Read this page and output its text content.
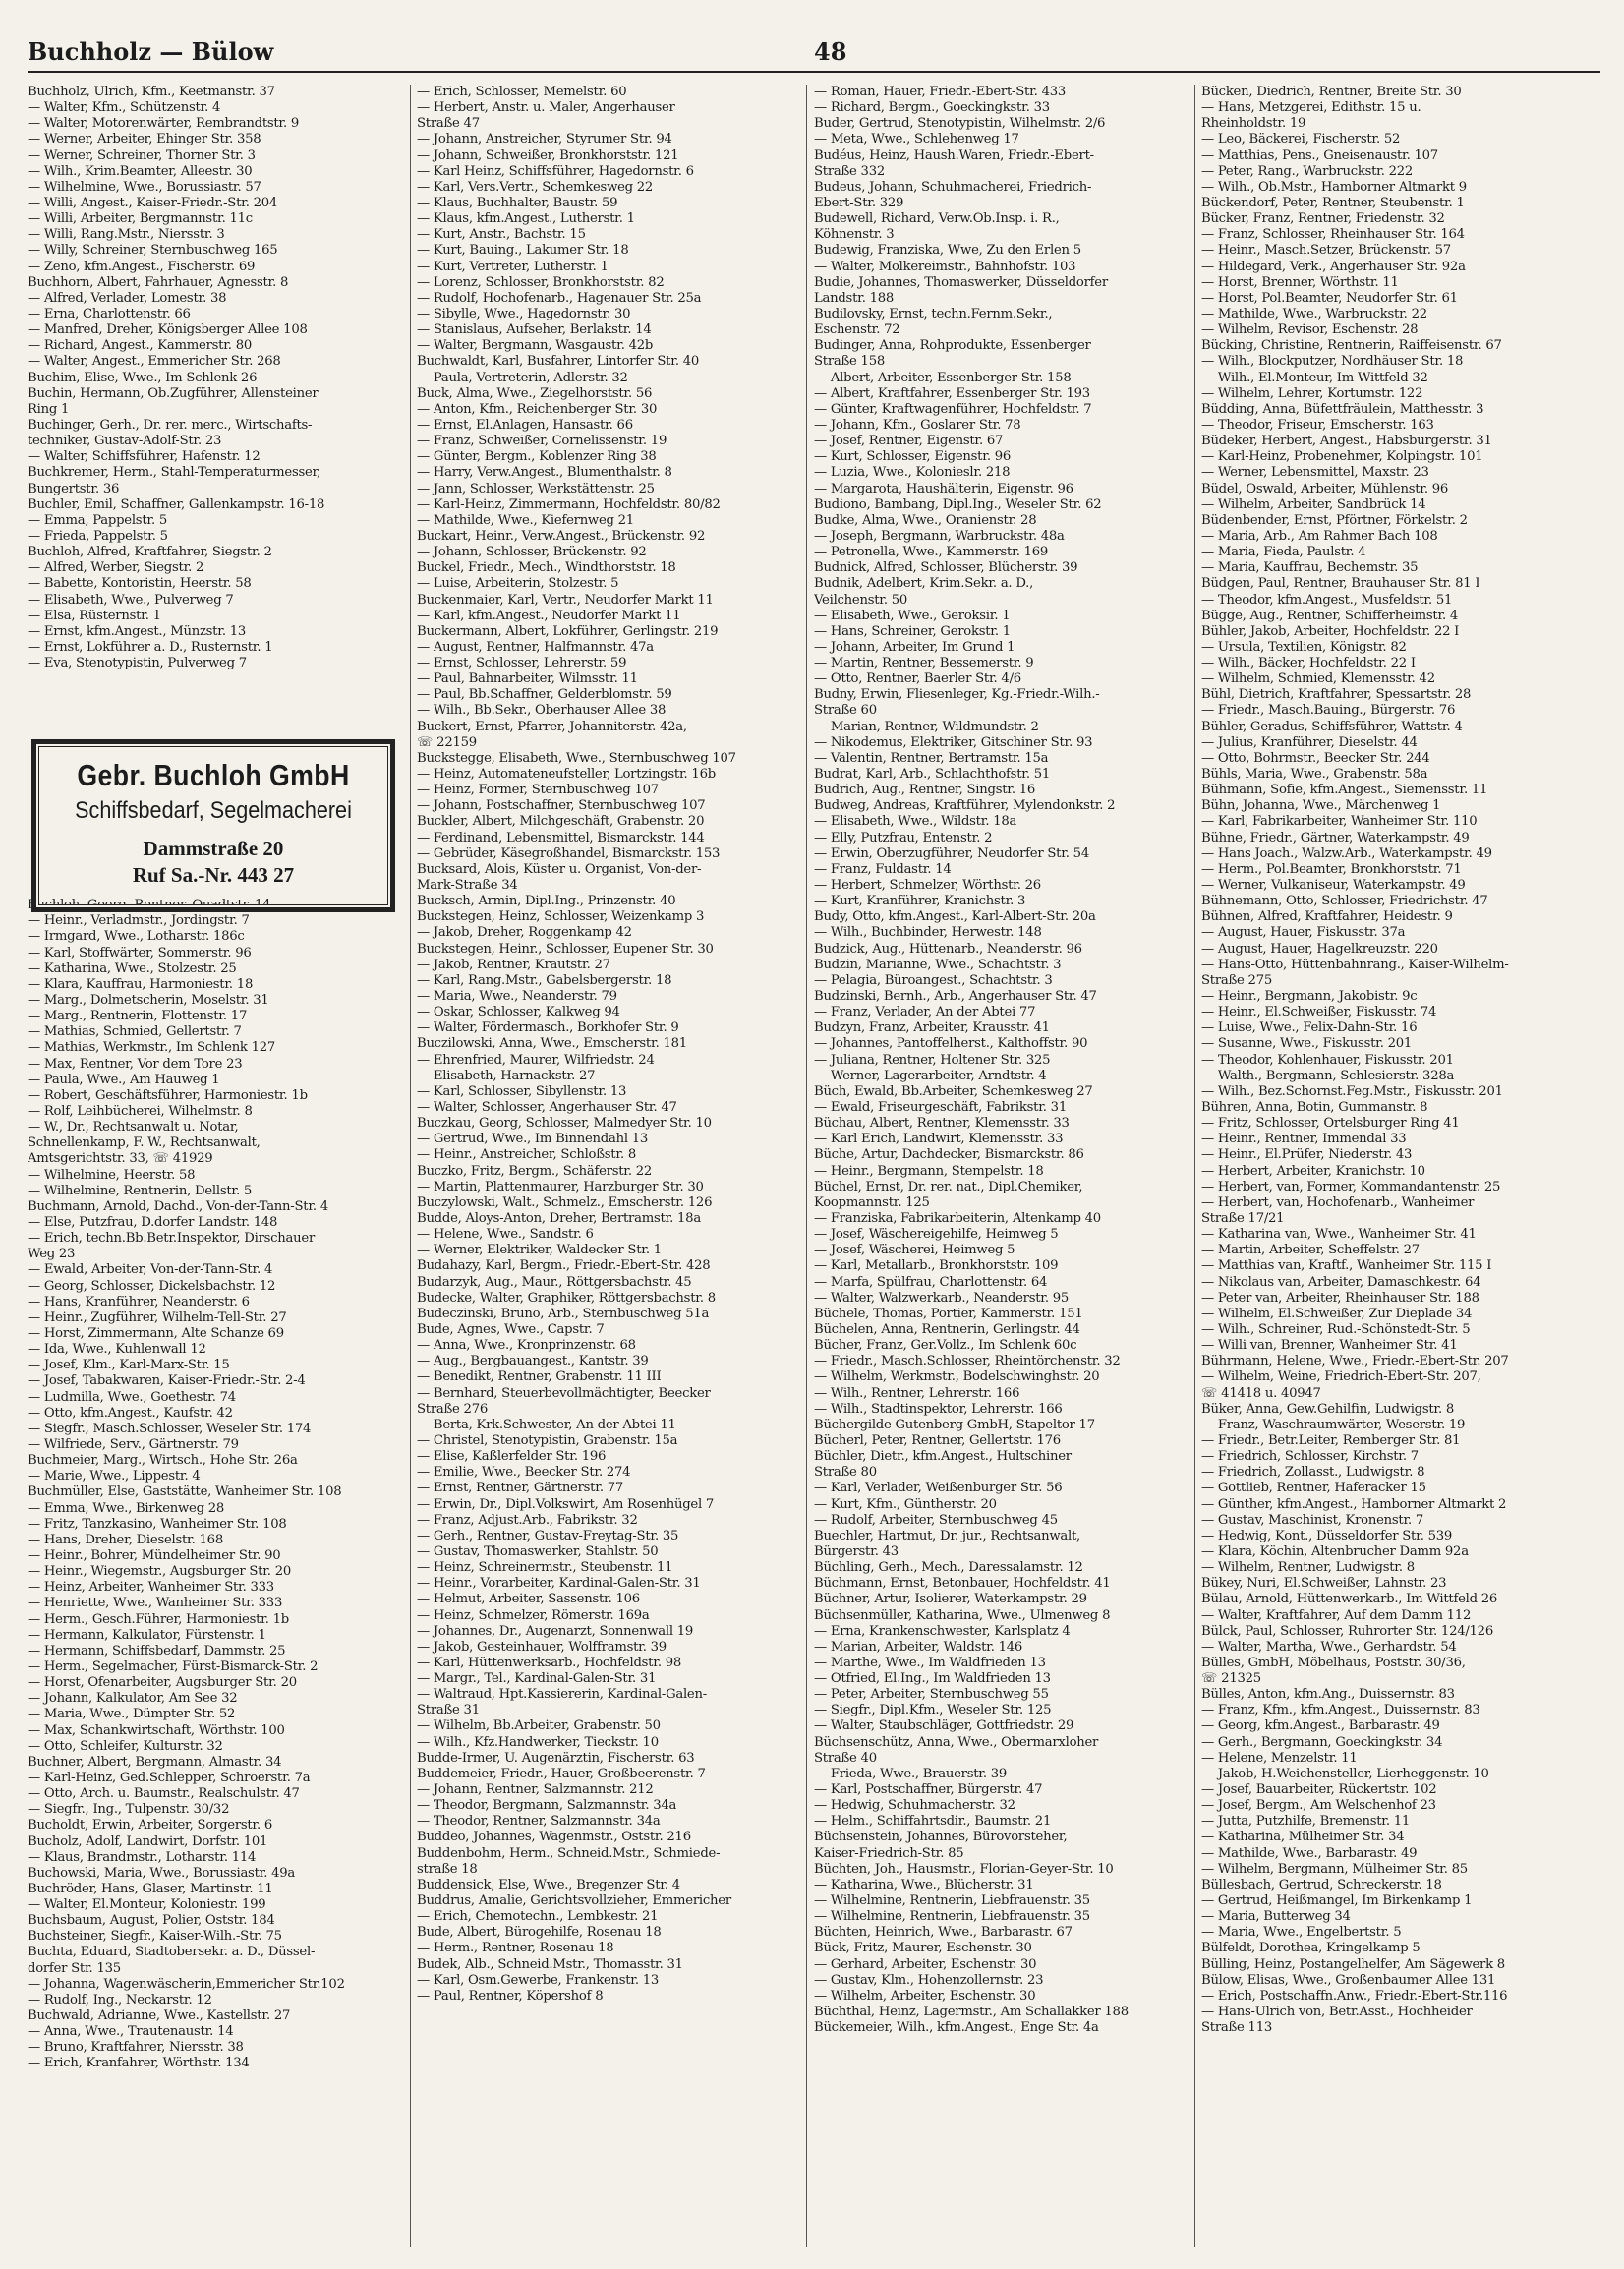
Buchholz — Bülow	48
Buchholz, Ulrich, Kfm., Keetmanstr. 37
— Walter, Kfm., Schützenstr. 4
— Walter, Motorenwärter, Rembrandtstr. 9
— Werner, Arbeiter, Ehinger Str. 358
— Werner, Schreiner, Thorner Str. 3
— Wilh., Krim.Beamter, Alleestr. 30
— Wilhelmine, Wwe., Borussiastr. 57
— Willi, Angest., Kaiser-Friedr.-Str. 204
— Willi, Arbeiter, Bergmannstr. 11c
— Willi, Rang.Mstr., Niersstr. 3
— Willy, Schreiner, Sternbuschweg 165
— Zeno, kfm.Angest., Fischerstr. 69
Buchhorn, Albert, Fahrhauer, Agnesstr. 8
— Alfred, Verlader, Lomestr. 38
— Erna, Charlottenstr. 66
— Manfred, Dreher, Königsberger Allee 108
— Richard, Angest., Kammerstr. 80
— Walter, Angest., Emmericher Str. 268
Buchim, Elise, Wwe., Im Schlenk 26
Buchin, Hermann, Ob.Zugführer, Allensteiner
Ring 1
Buchinger, Gerh., Dr. rer. merc., Wirtschafts-
techniker, Gustav-Adolf-Str. 23
— Walter, Schiffsführer, Hafenstr. 12
Buchkremer, Herm., Stahl-Temperaturmesser,
Bungertstr. 36
Buchler, Emil, Schaffner, Gallenkampstr. 16-18
— Emma, Pappelstr. 5
— Frieda, Pappelstr. 5
Buchloh, Alfred, Kraftfahrer, Siegstr. 2
— Alfred, Werber, Siegstr. 2
— Babette, Kontoristin, Heerstr. 58
— Elisabeth, Wwe., Pulverweg 7
— Elsa, Rüsternstr. 1
— Ernst, kfm.Angest., Münzstr. 13
— Ernst, Lokführer a. D., Rusternstr. 1
— Eva, Stenotypistin, Pulverweg 7
Buchloh, Georg, Rentner, Quadtstr. 14
— Heinr., Verladmstr., Jordingstr. 7
— Irmgard, Wwe., Lotharstr. 186c
— Karl, Stoffwärter, Sommerstr. 96
— Katharina, Wwe., Stolzestr. 25
— Klara, Kauffrau, Harmoniestr. 18
— Marg., Dolmetscherin, Moselstr. 31
— Marg., Rentnerin, Flottenstr. 17
— Mathias, Schmied, Gellertstr. 7
— Mathias, Werkmstr., Im Schlenk 127
— Max, Rentner, Vor dem Tore 23
— Paula, Wwe., Am Hauweg 1
— Robert, Geschäftsführer, Harmoniestr. 1b
— Rolf, Leihbücherei, Wilhelmstr. 8
— W., Dr., Rechtsanwalt u. Notar,
Schnellenkamp, F. W., Rechtsanwalt,
Amtsgerichtstr. 33, ☏ 41929
— Wilhelmine, Heerstr. 58
— Wilhelmine, Rentnerin, Dellstr. 5
Buchmann, Arnold, Dachd., Von-der-Tann-Str. 4
— Else, Putzfrau, D.dorfer Landstr. 148
— Erich, techn.Bb.Betr.Inspektor, Dirschauer
Weg 23
— Ewald, Arbeiter, Von-der-Tann-Str. 4
— Georg, Schlosser, Dickelsbachstr. 12
— Hans, Kranführer, Neanderstr. 6
— Heinr., Zugführer, Wilhelm-Tell-Str. 27
— Horst, Zimmermann, Alte Schanze 69
— Ida, Wwe., Kuhlenwall 12
— Josef, Klm., Karl-Marx-Str. 15
— Josef, Tabakwaren, Kaiser-Friedr.-Str. 2-4
— Ludmilla, Wwe., Goethestr. 74
— Otto, kfm.Angest., Kaufstr. 42
— Siegfr., Masch.Schlosser, Weseler Str. 174
— Wilfriede, Serv., Gärtnerstr. 79
Buchmeier, Marg., Wirtsch., Hohe Str. 26a
— Marie, Wwe., Lippestr. 4
Buchmüller, Else, Gaststätte, Wanheimer Str. 108
— Emma, Wwe., Birkenweg 28
— Fritz, Tanzkasino, Wanheimer Str. 108
— Hans, Dreher, Dieselstr. 168
— Heinr., Bohrer, Mündelheimer Str. 90
— Heinr., Wiegemstr., Augsburger Str. 20
— Heinz, Arbeiter, Wanheimer Str. 333
— Henriette, Wwe., Wanheimer Str. 333
— Herm., Gesch.Führer, Harmoniestr. 1b
— Hermann, Kalkulator, Fürstenstr. 1
— Hermann, Schiffsbedarf, Dammstr. 25
— Herm., Segelmacher, Fürst-Bismarck-Str. 2
— Horst, Ofenarbeiter, Augsburger Str. 20
— Johann, Kalkulator, Am See 32
— Maria, Wwe., Dümpter Str. 52
— Max, Schankwirtschaft, Wörthstr. 100
— Otto, Schleifer, Kulturstr. 32
Buchner, Albert, Bergmann, Almastr. 34
— Karl-Heinz, Ged.Schlepper, Schroerstr. 7a
— Otto, Arch. u. Baumstr., Realschulstr. 47
— Siegfr., Ing., Tulpenstr. 30/32
Bucholdt, Erwin, Arbeiter, Sorgerstr. 6
Bucholz, Adolf, Landwirt, Dorfstr. 101
— Klaus, Brandmstr., Lotharstr. 114
Buchowski, Maria, Wwe., Borussiastr. 49a
Buchröder, Hans, Glaser, Martinstr. 11
— Walter, El.Monteur, Koloniestr. 199
Buchsbaum, August, Polier, Oststr. 184
Buchsteiner, Siegfr., Kaiser-Wilh.-Str. 75
Buchta, Eduard, Stadtobersekr. a. D., Düssel-
dorfer Str. 135
— Johanna, Wagenwäscherin,Emmericher Str.102
— Rudolf, Ing., Neckarstr. 12
Buchwald, Adrianne, Wwe., Kastellstr. 27
— Anna, Wwe., Trautenaustr. 14
— Bruno, Kraftfahrer, Niersstr. 38
— Erich, Kranfahrer, Wörthstr. 134
Gebr. Buchloh GmbH
Schiffsbedarf, Segelmacherei
Dammstraße 20
Ruf Sa.-Nr. 443 27
— Erich, Schlosser, Memelstr. 60
— Herbert, Anstr. u. Maler, Angerhauser
Straße 47
— Johann, Anstreicher, Styrumer Str. 94
— Johann, Schweißer, Bronkhorststr. 121
— Karl Heinz, Schiffsführer, Hagedornstr. 6
— Karl, Vers.Vertr., Schemkesweg 22
— Klaus, Buchhalter, Baustr. 59
— Klaus, kfm.Angest., Lutherstr. 1
— Kurt, Anstr., Bachstr. 15
— Kurt, Bauing., Lakumer Str. 18
— Kurt, Vertreter, Lutherstr. 1
— Lorenz, Schlosser, Bronkhorststr. 82
— Rudolf, Hochofenarb., Hagenauer Str. 25a
— Sibylle, Wwe., Hagedornstr. 30
— Stanislaus, Aufseher, Berlakstr. 14
— Walter, Bergmann, Wasgaustr. 42b
Buchwaldt, Karl, Busfahrer, Lintorfer Str. 40
— Paula, Vertreterin, Adlerstr. 32
Buck, Alma, Wwe., Ziegelhorststr. 56
— Anton, Kfm., Reichenberger Str. 30
— Ernst, El.Anlagen, Hansastr. 66
— Franz, Schweißer, Cornelissenstr. 19
— Günter, Bergm., Koblenzer Ring 38
— Harry, Verw.Angest., Blumenthalstr. 8
— Jann, Schlosser, Werkstättenstr. 25
— Karl-Heinz, Zimmermann, Hochfeldstr. 80/82
— Mathilde, Wwe., Kiefernweg 21
Buckart, Heinr., Verw.Angest., Brückenstr. 92
— Johann, Schlosser, Brückenstr. 92
Buckel, Friedr., Mech., Windthorststr. 18
— Luise, Arbeiterin, Stolzestr. 5
Buckenmaier, Karl, Vertr., Neudorfer Markt 11
— Karl, kfm.Angest., Neudorfer Markt 11
Buckermann, Albert, Lokführer, Gerlingstr. 219
— August, Rentner, Halfmannstr. 47a
— Ernst, Schlosser, Lehrerstr. 59
— Paul, Bahnarbeiter, Wilmsstr. 11
— Paul, Bb.Schaffner, Gelderblomstr. 59
— Wilh., Bb.Sekr., Oberhauser Allee 38
Buckert, Ernst, Pfarrer, Johanniterstr. 42a,
☏ 22159
Buckstegge, Elisabeth, Wwe., Sternbuschweg 107
— Heinz, Automateneufsteller, Lortzingstr. 16b
— Heinz, Former, Sternbuschweg 107
— Johann, Postschaffner, Sternbuschweg 107
Buckler, Albert, Milchgeschäft, Grabenstr. 20
— Ferdinand, Lebensmittel, Bismarckstr. 144
— Gebrüder, Käsegroßhandel, Bismarckstr. 153
Bucksard, Alois, Küster u. Organist, Von-der-
Mark-Straße 34
Bucksch, Armin, Dipl.Ing., Prinzenstr. 40
Buckstegen, Heinz, Schlosser, Weizenkamp 3
— Jakob, Dreher, Roggenkamp 42
Buckstegen, Heinr., Schlosser, Eupener Str. 30
— Jakob, Rentner, Krautstr. 27
— Karl, Rang.Mstr., Gabelsbergerstr. 18
— Maria, Wwe., Neanderstr. 79
— Oskar, Schlosser, Kalkweg 94
— Walter, Fördermasch., Borkhofer Str. 9
Buczilowski, Anna, Wwe., Emscherstr. 181
— Ehrenfried, Maurer, Wilfriedstr. 24
— Elisabeth, Harnackstr. 27
— Karl, Schlosser, Sibyllenstr. 13
— Walter, Schlosser, Angerhauser Str. 47
Buczkau, Georg, Schlosser, Malmedyer Str. 10
— Gertrud, Wwe., Im Binnendahl 13
— Heinr., Anstreicher, Schloßstr. 8
Buczko, Fritz, Bergm., Schäferstr. 22
— Martin, Plattenmaurer, Harzburger Str. 30
Buczylowski, Walt., Schmelz., Emscherstr. 126
Budde, Aloys-Anton, Dreher, Bertramstr. 18a
— Helene, Wwe., Sandstr. 6
— Werner, Elektriker, Waldecker Str. 1
Budahazy, Karl, Bergm., Friedr.-Ebert-Str. 428
Budarzyk, Aug., Maur., Röttgersbachstr. 45
Budecke, Walter, Graphiker, Röttgersbachstr. 8
Budeczinski, Bruno, Arb., Sternbuschweg 51a
Bude, Agnes, Wwe., Capstr. 7
— Anna, Wwe., Kronprinzenstr. 68
— Aug., Bergbauangest., Kantstr. 39
— Benedikt, Rentner, Grabenstr. 11 III
— Bernhard, Steuerbevollmächtigter, Beecker
Straße 276
— Berta, Krk.Schwester, An der Abtei 11
— Christel, Stenotypistin, Grabenstr. 15a
— Elise, Kaßlerfelder Str. 196
— Emilie, Wwe., Beecker Str. 274
— Ernst, Rentner, Gärtnerstr. 77
— Erwin, Dr., Dipl.Volkswirt, Am Rosenhügel 7
— Franz, Adjust.Arb., Fabrikstr. 32
— Gerh., Rentner, Gustav-Freytag-Str. 35
— Gustav, Thomaswerker, Stahlstr. 50
— Heinz, Schreinermstr., Steubenstr. 11
— Heinr., Vorarbeiter, Kardinal-Galen-Str. 31
— Helmut, Arbeiter, Sassenstr. 106
— Heinz, Schmelzer, Römerstr. 169a
— Johannes, Dr., Augenarzt, Sonnenwall 19
— Jakob, Gesteinhauer, Wolfframstr. 39
— Karl, Hüttenwerksarb., Hochfeldstr. 98
— Margr., Tel., Kardinal-Galen-Str. 31
— Waltraud, Hpt.Kassiererin, Kardinal-Galen-
Straße 31
— Wilhelm, Bb.Arbeiter, Grabenstr. 50
— Wilh., Kfz.Handwerker, Tieckstr. 10
Budde-Irmer, U. Augenärztin, Fischerstr. 63
Buddemeier, Friedr., Hauer, Großbeerenstr. 7
— Johann, Rentner, Salzmannstr. 212
— Theodor, Bergmann, Salzmannstr. 34a
— Theodor, Rentner, Salzmannstr. 34a
Buddeo, Johannes, Wagenmstr., Oststr. 216
Buddenbohm, Herm., Schneid.Mstr., Schmiede-
straße 18
Buddensick, Else, Wwe., Bregenzer Str. 4
Buddrus, Amalie, Gerichtsvollzieher, Emmericher
— Erich, Chemotechn., Lembkestr. 21
Bude, Albert, Bürogehilfe, Rosenau 18
— Herm., Rentner, Rosenau 18
Budek, Alb., Schneid.Mstr., Thomasstr. 31
— Karl, Osm.Gewerbe, Frankenstr. 13
— Paul, Rentner, Köpershof 8
— Roman, Hauer, Friedr.-Ebert-Str. 433
— Richard, Bergm., Goeckingkstr. 33
Buder, Gertrud, Stenotypistin, Wilhelmstr. 2/6
— Meta, Wwe., Schlehenweg 17
Budéus, Heinz, Haush.Waren, Friedr.-Ebert-
Straße 332
Budeus, Johann, Schuhmacherei, Friedrich-
Ebert-Str. 329
Budewell, Richard, Verw.Ob.Insp. i. R.,
Köhnenstr. 3
Budewig, Franziska, Wwe, Zu den Erlen 5
— Walter, Molkereimstr., Bahnhofstr. 103
Budie, Johannes, Thomaswerker, Düsseldorfer
Landstr. 188
Budilovsky, Ernst, techn.Fernm.Sekr.,
Eschenstr. 72
Budinger, Anna, Rohproduktе, Essenberger
Straße 158
— Albert, Arbeiter, Essenberger Str. 158
— Albert, Kraftfahrer, Essenberger Str. 193
— Günter, Kraftwagenführer, Hochfeldstr. 7
— Johann, Kfm., Goslarer Str. 78
— Josef, Rentner, Eigenstr. 67
— Kurt, Schlosser, Eigenstr. 96
— Luzia, Wwe., Kolonieslr. 218
— Margarota, Haushälterin, Eigenstr. 96
Budiono, Bambang, Dipl.Ing., Weseler Str. 62
Budke, Alma, Wwe., Oranienstr. 28
— Joseph, Bergmann, Warbruckstr. 48a
— Petronella, Wwe., Kammerstr. 169
Budnick, Alfred, Schlosser, Blücherstr. 39
Budnik, Adelbert, Krim.Sekr. a. D.,
Veilchenstr. 50
— Elisabeth, Wwe., Geroksir. 1
— Hans, Schreiner, Gerokstr. 1
— Johann, Arbeiter, Im Grund 1
— Martin, Rentner, Bessemerstr. 9
— Otto, Rentner, Baerler Str. 4/6
Budny, Erwin, Fliesenleger, Kg.-Friedr.-Wilh.-
Straße 60
— Marian, Rentner, Wildmundstr. 2
— Nikodemus, Elektriker, Gitschiner Str. 93
— Valentin, Rentner, Bertramstr. 15a
Budrat, Karl, Arb., Schlachthofstr. 51
Budrich, Aug., Rentner, Singstr. 16
Budweg, Andreas, Kraftführer, Mylendonkstr. 2
— Elisabeth, Wwe., Wildstr. 18a
— Elly, Putzfrau, Entenstr. 2
— Erwin, Oberzugführer, Neudorfer Str. 54
— Franz, Fuldastr. 14
— Herbert, Schmelzer, Wörthstr. 26
— Kurt, Kranführer, Kranichstr. 3
Budy, Otto, kfm.Angest., Karl-Albert-Str. 20a
— Wilh., Buchbinder, Herwestr. 148
Budzick, Aug., Hüttenarb., Neanderstr. 96
Budzin, Marianne, Wwe., Schachtstr. 3
— Pelagia, Bürоangest., Schachtstr. 3
Budzinski, Bernh., Arb., Angerhauser Str. 47
— Franz, Verlader, An der Abtei 77
Budzyn, Franz, Arbeiter, Krausstr. 41
— Johannes, Pantoffelherst., Kalthoffstr. 90
— Juliana, Rentner, Holtener Str. 325
— Werner, Lagerarbeiter, Arndtstr. 4
Büch, Ewald, Bb.Arbeiter, Schemkesweg 27
— Ewald, Friseurgeschäft, Fabrikstr. 31
Büchau, Albert, Rentner, Klemensstr. 33
— Karl Erich, Landwirt, Klemensstr. 33
Büche, Artur, Dachdecker, Bismarckstr. 86
— Heinr., Bergmann, Stempelstr. 18
Büchel, Ernst, Dr. rer. nat., Dipl.Chemiker,
Koopmannstr. 125
— Franziska, Fabrikarbeiterin, Altenkamp 40
— Josef, Wäschereigehilfe, Heimweg 5
— Josef, Wäscherei, Heimweg 5
— Karl, Metallarb., Bronkhorststr. 109
— Marfa, Spülfrau, Charlottenstr. 64
— Walter, Walzwerkarb., Neanderstr. 95
Büchele, Thomas, Portier, Kammerstr. 151
Büchelen, Anna, Rentnerin, Gerlingstr. 44
Bücher, Franz, Ger.Vollz., Im Schlenk 60c
— Friedr., Masch.Schlosser, Rheintörchenstr. 32
— Wilhelm, Werkmstr., Bodelschwinghstr. 20
— Wilh., Rentner, Lehrerstr. 166
— Wilh., Stadtinspektor, Lehrerstr. 166
Büchergilde Gutenberg GmbH, Stapeltor 17
Bücherl, Peter, Rentner, Gellertstr. 176
Büchler, Dietr., kfm.Angest., Hultschiner
Straße 80
— Karl, Verlader, Weißenburger Str. 56
— Kurt, Kfm., Güntherstr. 20
— Rudolf, Arbeiter, Sternbuschweg 45
Buechler, Hartmut, Dr. jur., Rechtsanwalt,
Bürgerstr. 43
Büchling, Gerh., Mech., Daressalamstr. 12
Büchmann, Ernst, Betonbauer, Hochfeldstr. 41
Büchner, Artur, Isolierer, Waterkampstr. 29
Büchsenmüller, Katharina, Wwe., Ulmenweg 8
— Erna, Krankenschwester, Karlsplatz 4
— Marian, Arbeiter, Waldstr. 146
— Marthe, Wwe., Im Waldfrieden 13
— Otfried, El.Ing., Im Waldfrieden 13
— Peter, Arbeiter, Sternbuschweg 55
— Siegfr., Dipl.Kfm., Weseler Str. 125
— Walter, Staubschläger, Gottfriedstr. 29
Büchsenschütz, Anna, Wwe., Obermarxloher
Straße 40
— Frieda, Wwe., Brauerstr. 39
— Karl, Postschaffner, Bürgerstr. 47
— Hedwig, Schuhmacherstr. 32
— Helm., Schiffahrtsdir., Baumstr. 21
Büchsenstein, Johannes, Bürovorsteher,
Kaiser-Friedrich-Str. 85
Büchten, Joh., Hausmstr., Florian-Geyer-Str. 10
— Katharina, Wwe., Blücherstr. 31
— Wilhelmine, Rentnerin, Liebfrauenstr. 35
— Wilhelmine, Rentnerin, Liebfrauenstr. 35
Büchten, Heinrich, Wwe., Barbarastr. 67
Bück, Fritz, Maurer, Eschenstr. 30
— Gerhard, Arbeiter, Eschenstr. 30
— Gustav, Klm., Hohenzollernstr. 23
— Wilhelm, Arbeiter, Eschenstr. 30
Büchthal, Heinz, Lagermstr., Am Schallakker 188
Bückemeier, Wilh., kfm.Angest., Enge Str. 4a
Bücken, Diedrich, Rentner, Breite Str. 30
— Hans, Metzgerei, Edithstr. 15 u.
Rheinholdstr. 19
— Leo, Bäckerei, Fischerstr. 52
— Matthias, Pens., Gneisenaustr. 107
— Peter, Rang., Warbruckstr. 222
— Wilh., Ob.Mstr., Hamborner Altmarkt 9
Bückendorf, Peter, Rentner, Steubenstr. 1
Bücker, Franz, Rentner, Friedenstr. 32
— Franz, Schlosser, Rheinhauser Str. 164
— Heinr., Masch.Setzer, Brückenstr. 57
— Hildegard, Verk., Angerhauser Str. 92a
— Horst, Brenner, Wörthstr. 11
— Horst, Pol.Beamter, Neudorfer Str. 61
— Mathilde, Wwe., Warbruckstr. 22
— Wilhelm, Revisor, Eschenstr. 28
Bücking, Christine, Rentnerin, Raiffeisenstr. 67
— Wilh., Blockputzer, Nordhäuser Str. 18
— Wilh., El.Monteur, Im Wittfeld 32
— Wilhelm, Lehrer, Kortumstr. 122
Büdding, Anna, Büfettfräulein, Matthesstr. 3
— Theodor, Friseur, Emscherstr. 163
Büdeker, Herbert, Angest., Habsburgerstr. 31
— Karl-Heinz, Probenehmer, Kolpingstr. 101
— Werner, Lebensmittel, Maxstr. 23
Büdel, Oswald, Arbeiter, Mühlenstr. 96
— Wilhelm, Arbeiter, Sandbrück 14
Büdenbender, Ernst, Pförtner, Förkelstr. 2
— Maria, Arb., Am Rahmer Bach 108
— Maria, Fiedа, Paulstr. 4
— Maria, Kauffrau, Bechemstr. 35
Büdgen, Paul, Rentner, Brauhauser Str. 81 I
— Theodor, kfm.Angest., Musfeldstr. 51
Bügge, Aug., Rentner, Schifferheimstr. 4
Bühler, Jakob, Arbeiter, Hochfeldstr. 22 I
— Ursula, Textilien, Königstr. 82
— Wilh., Bäcker, Hochfeldstr. 22 I
— Wilhelm, Schmied, Klemensstr. 42
Bühl, Dietrich, Kraftfahrer, Spessartstr. 28
— Friedr., Masch.Bauing., Bürgerstr. 76
Bühler, Geradus, Schiffsführer, Wattstr. 4
— Julius, Kranführer, Dieselstr. 44
— Otto, Bohrmstr., Beecker Str. 244
Bühls, Maria, Wwe., Grabenstr. 58a
Bühmann, Sofie, kfm.Angest., Siemensstr. 11
Bühn, Johanna, Wwe., Märchenweg 1
— Karl, Fabrikarbeiter, Wanheimer Str. 110
Bühne, Friedr., Gärtner, Waterkampstr. 49
— Hans Joach., Walzw.Arb., Waterkampstr. 49
— Herm., Pol.Beamter, Bronkhorststr. 71
— Werner, Vulkaniseur, Waterkampstr. 49
Bühnemann, Otto, Schlosser, Friedrichstr. 47
Bühnen, Alfred, Kraftfahrer, Heidestr. 9
— August, Hauer, Fiskusstr. 37a
— August, Hauer, Hagelkreuzstr. 220
— Hans-Otto, Hüttenbahnrang., Kaiser-Wilhelm-
Straße 275
— Heinr., Bergmann, Jakobistr. 9c
— Heinr., El.Schweißer, Fiskusstr. 74
— Luise, Wwe., Felix-Dahn-Str. 16
— Susanne, Wwe., Fiskusstr. 201
— Theodor, Kohlenhauer, Fiskusstr. 201
— Walth., Bergmann, Schlesierstr. 328a
— Wilh., Bez.Schornst.Feg.Mstr., Fiskusstr. 201
Bühren, Anna, Botin, Gummanstr. 8
— Fritz, Schlosser, Ortelsburger Ring 41
— Heinr., Rentner, Immendal 33
— Heinr., El.Prüfer, Niederstr. 43
— Herbert, Arbeiter, Kranichstr. 10
— Herbert, van, Former, Kommandantenstr. 25
— Herbert, van, Hochofenarb., Wanheimer
Straße 17/21
— Katharina van, Wwe., Wanheimer Str. 41
— Martin, Arbeiter, Scheffelstr. 27
— Matthias van, Kraftf., Wanheimer Str. 115 I
— Nikolaus van, Arbeiter, Damaschkestr. 64
— Peter van, Arbeiter, Rheinhauser Str. 188
— Wilhelm, El.Schweißer, Zur Dieplade 34
— Wilh., Schreiner, Rud.-Schönstedt-Str. 5
— Willi van, Brenner, Wanheimer Str. 41
Bührmann, Helene, Wwe., Friedr.-Ebert-Str. 207
— Wilhelm, Weine, Friedrich-Ebert-Str. 207,
☏ 41418 u. 40947
Büker, Anna, Gew.Gehilfin, Ludwigstr. 8
— Franz, Waschraumwärter, Weserstr. 19
— Friedr., Betr.Leiter, Remberger Str. 81
— Friedrich, Schlosser, Kirchstr. 7
— Friedrich, Zollasst., Ludwigstr. 8
— Gottlieb, Rentner, Haferacker 15
— Günther, kfm.Angest., Hamborner Altmarkt 2
— Gustav, Maschinist, Kronenstr. 7
— Hedwig, Kont., Düsseldorfer Str. 539
— Klara, Köchin, Altenbrucher Damm 92a
— Wilhelm, Rentner, Ludwigstr. 8
Bükey, Nuri, El.Schweißer, Lahnstr. 23
Bülau, Arnold, Hüttenwerkarb., Im Wittfeld 26
— Walter, Kraftfahrer, Auf dem Damm 112
Bülck, Paul, Schlosser, Ruhrorter Str. 124/126
— Walter, Martha, Wwe., Gerhardstr. 54
Bülles, GmbH, Möbelhaus, Poststr. 30/36,
☏ 21325
Bülles, Anton, kfm.Ang., Duissernstr. 83
— Franz, Kfm., kfm.Angest., Duissernstr. 83
— Georg, kfm.Angest., Barbarastr. 49
— Gerh., Bergmann, Goeckingkstr. 34
— Helene, Menzelstr. 11
— Jakob, H.Weichensteller, Lierheggenstr. 10
— Josef, Bauarbeiter, Rückertstr. 102
— Josef, Bergm., Am Welschenhof 23
— Jutta, Putzhilfe, Bremenstr. 11
— Katharina, Mülheimer Str. 34
— Mathilde, Wwe., Barbarastr. 49
— Wilhelm, Bergmann, Mülheimer Str. 85
Büllesbach, Gertrud, Schreckerstr. 18
— Gertrud, Heißmangel, Im Birkenkamp 1
— Maria, Butterweg 34
— Maria, Wwe., Engelbertstr. 5
Bülfeldt, Dorothea, Kringelkamp 5
Bülling, Heinz, Postangelhelfer, Am Sägewerk 8
Bülow, Elisas, Wwe., Großenbaumer Allee 131
— Erich, Postschaffn.Anw., Friedr.-Ebert-Str.116
— Hans-Ulrich von, Betr.Asst., Hochheider
Straße 113
